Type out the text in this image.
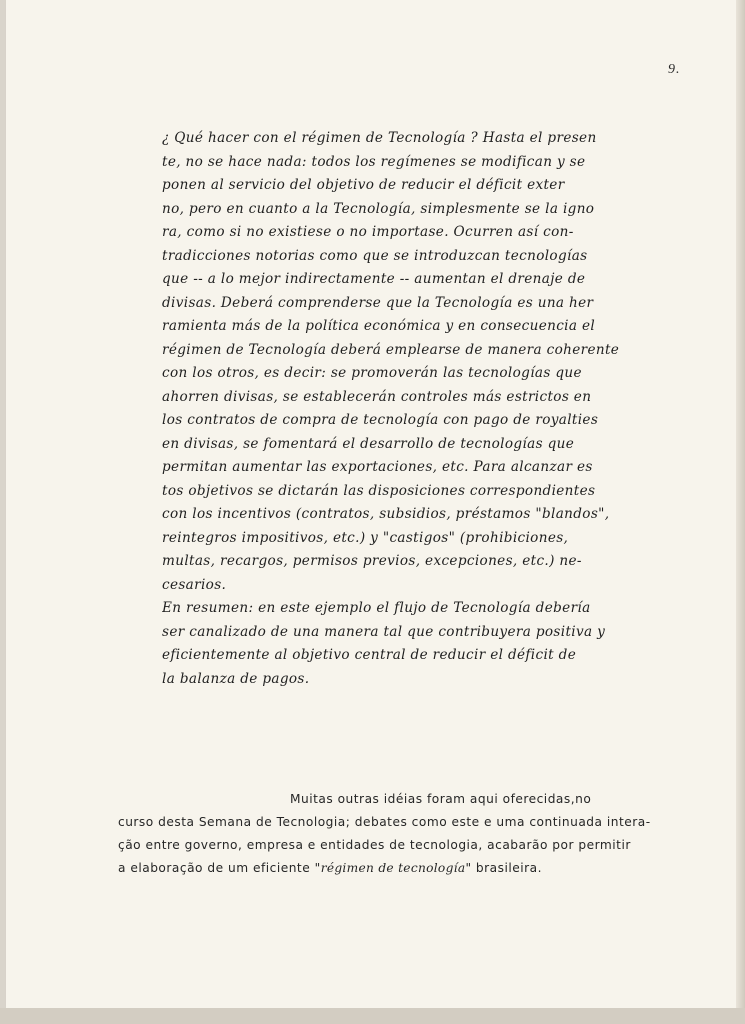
9.
¿ Qué hacer con el régimen de Tecnología ? Hasta el presen
te, no se hace nada: todos los regímenes se modifican y se
ponen al servicio del objetivo de reducir el déficit exter
no, pero en cuanto a la Tecnología, simplesmente se la igno
ra, como si no existiese o no importase. Ocurren así con-
tradicciones notorias como que se introduzcan tecnologías
que -- a lo mejor indirectamente -- aumentan el drenaje de
divisas. Deberá comprenderse que la Tecnología es una her
ramienta más de la política económica y en consecuencia el
régimen de Tecnología deberá emplearse de manera coherente
con los otros, es decir: se promoverán las tecnologías que
ahorren divisas, se establecerán controles más estrictos en
los contratos de compra de tecnología con pago de royalties
en divisas, se fomentará el desarrollo de tecnologías que
permitan aumentar las exportaciones, etc. Para alcanzar es
tos objetivos se dictarán las disposiciones correspondientes
con los incentivos (contratos, subsidios, préstamos "blandos",
reintegros impositivos, etc.) y "castigos" (prohibiciones,
multas, recargos, permisos previos, excepciones, etc.) ne-
cesarios.
En resumen: en este ejemplo el flujo de Tecnología debería
ser canalizado de una manera tal que contribuyera positiva y
eficientemente al objetivo central de reducir el déficit de
la balanza de pagos.
Muitas outras idéias foram aqui oferecidas,no
curso desta Semana de Tecnologia; debates como este e uma continuada intera-
ção entre governo, empresa e entidades de tecnologia, acabarão por permitir
a elaboração de um eficiente "régimen de tecnología" brasileira.
